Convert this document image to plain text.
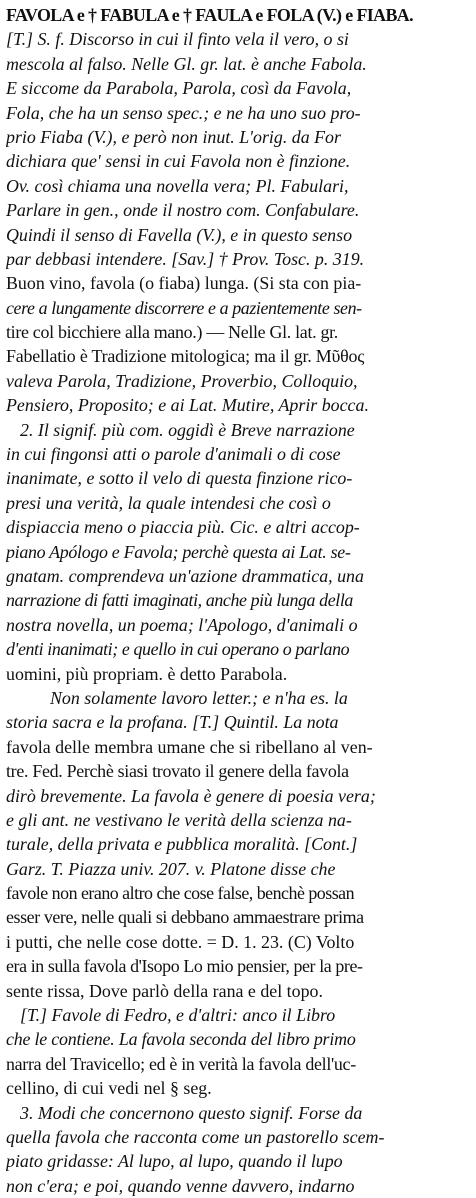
FAVOLA e † FABULA e † FAULA e FOLA (V.) e FIABA.
[T.] S. f. Discorso in cui il finto vela il vero, o si
mescola al falso. Nelle Gl. gr. lat. è anche Fabola.
E siccome da Parabola, Parola, così da Favola,
Fola, che ha un senso spec.; e ne ha uno suo pro-
prio Fiaba (V.), e però non inut. L'orig. da For
dichiara que' sensi in cui Favola non è finzione.
Ov. così chiama una novella vera; Pl. Fabulari,
Parlare in gen., onde il nostro com. Confabulare.
Quindi il senso di Favella (V.), e in questo senso
par debbasi intendere. [Sav.] † Prov. Tosc. p. 319.
Buon vino, favola (o fiaba) lunga. (Si sta con pia-
cere a lungamente discorrere e a pazientemente sen-
tire col bicchiere alla mano.) — Nelle Gl. lat. gr.
Fabellatio è Tradizione mitologica; ma il gr. Μῦθος
valeva Parola, Tradizione, Proverbio, Colloquio,
Pensiero, Proposito; e ai Lat. Mutire, Aprir bocca.
2. Il signif. più com. oggidì è Breve narrazione
in cui fingonsi atti o parole d'animali o di cose
inanimate, e sotto il velo di questa finzione rico-
presi una verità, la quale intendesi che così o
dispiaccia meno o piaccia più. Cic. e altri accop-
piano Apólogo e Favola; perchè questa ai Lat. se-
gnatam. comprendeva un'azione drammatica, una
narrazione di fatti imaginati, anche più lunga della
nostra novella, un poema; l'Apologo, d'animali o
d'enti inanimati; e quello in cui operano o parlano
uomini, più propriam. è detto Parabola.
Non solamente lavoro letter.; e n'ha es. la
storia sacra e la profana. [T.] Quintil. La nota
favola delle membra umane che si ribellano al ven-
tre. Fed. Perchè siasi trovato il genere della favola
dirò brevemente. La favola è genere di poesia vera;
e gli ant. ne vestivano le verità della scienza na-
turale, della privata e pubblica moralità. [Cont.]
Garz. T. Piazza univ. 207. v. Platone disse che
favole non erano altro che cose false, benchè possan
esser vere, nelle quali si debbano ammaestrare prima
i putti, che nelle cose dotte. = D. 1. 23. (C) Volto
era in sulla favola d'Isopo Lo mio pensier, per la pre-
sente rissa, Dove parlò della rana e del topo.
[T.] Favole di Fedro, e d'altri: anco il Libro
che le contiene. La favola seconda del libro primo
narra del Travicello; ed è in verità la favola dell'uc-
cellino, di cui vedi nel § seg.
3. Modi che concernono questo signif. Forse da
quella favola che racconta come un pastorello scem-
piato gridasse: Al lupo, al lupo, quando il lupo
non c'era; e poi, quando venne davvero, indarno
